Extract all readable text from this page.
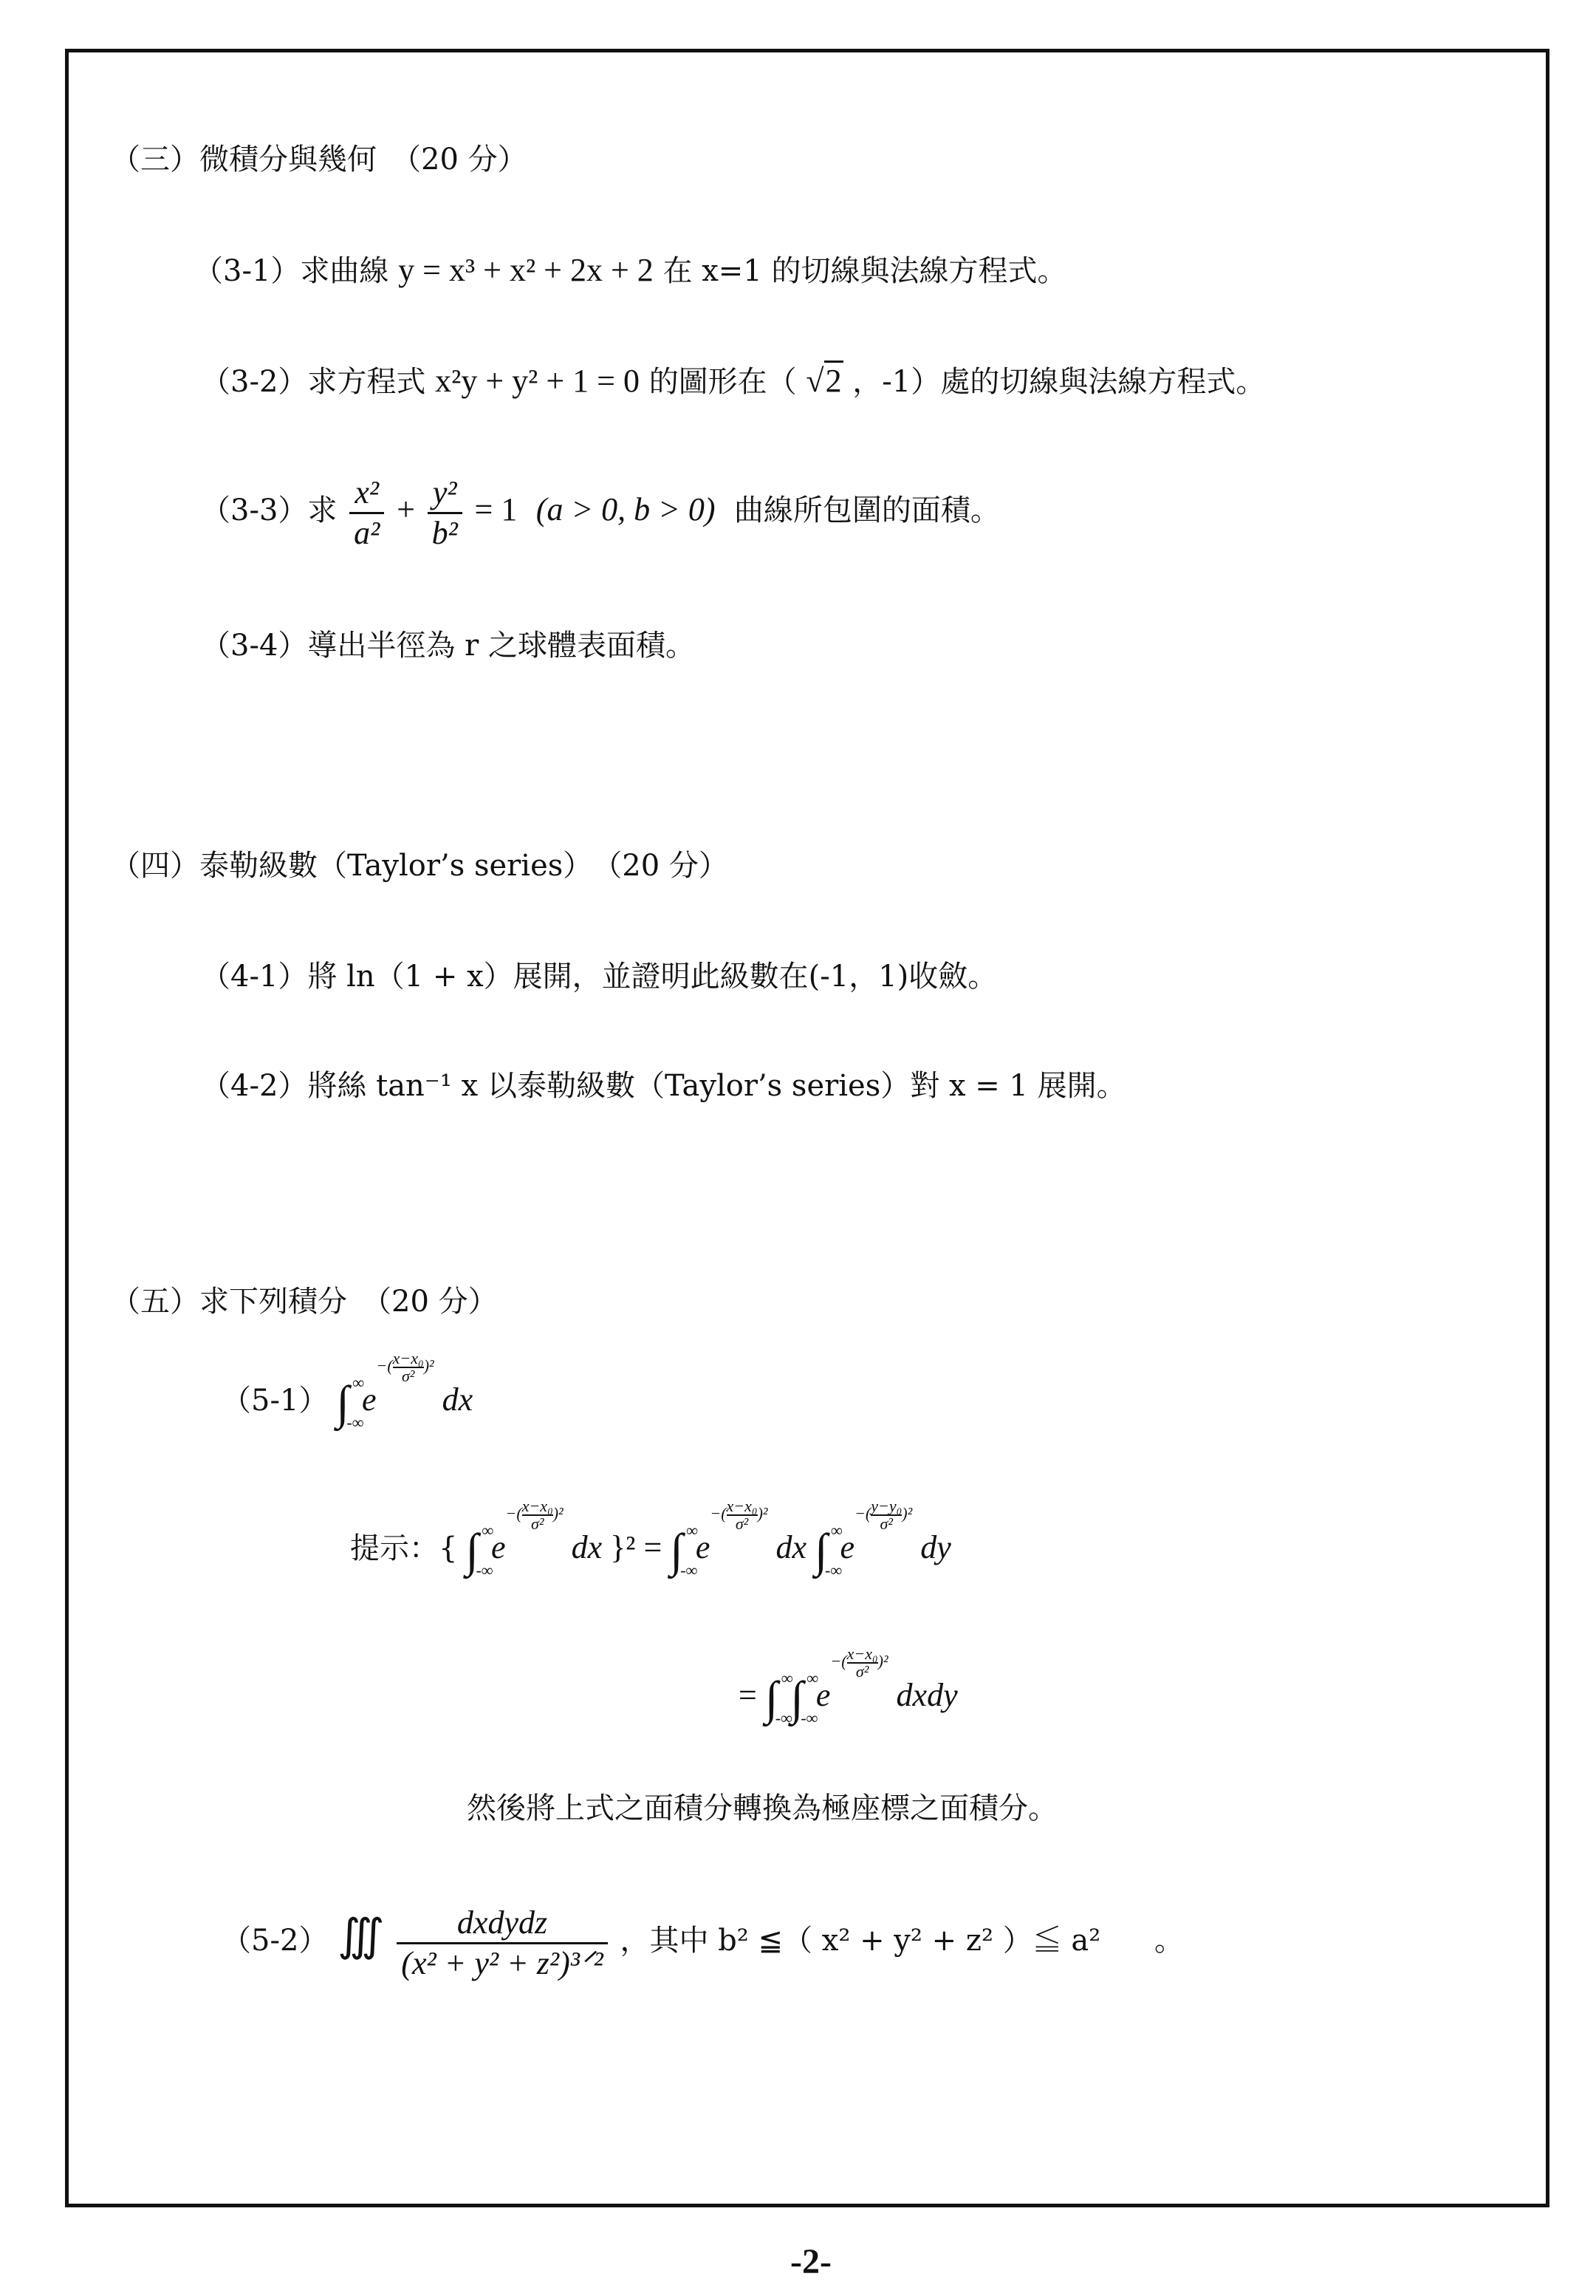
（三）微積分與幾何　（20 分）
（3-1）求曲線 y = x³ + x² + 2x + 2 在 x=1 的切線與法線方程式。
（3-2）求方程式 x²y + y² + 1 = 0 的圖形在（ √2 ，-1）處的切線與法線方程式。
（3-3）求 $\frac{\text{x²}}{\text{a²}} + \frac{\text{y²}}{\text{b²}} = 1$ (a > 0, b > 0) 曲線所包圍的面積。
（3-4）導出半徑為 r 之球體表面積。
（四）泰勒級數（Taylor’s series）　（20 分）
（4-1）將 ln（1 + x）展開，並證明此級數在(-1，1)收斂。
（4-2）將絲 tan⁻¹ x 以泰勒級數（Taylor’s series）對 x = 1 展開。
（五）求下列積分　（20 分）
（5-1） ∫ ∞
-∞
$e-( \frac{\text{x−x₀}}{\text{σ²}} )^2$ dx
提示：{ ∫ ∞
-∞
$e-( \frac{\text{x−x₀}}{\text{σ²}} )^2$ dx }² = ∫ ∞
-∞
$e-( \frac{\text{x−x₀}}{\text{σ²}} )^2$ dx ∫ ∞
-∞
$e-( \frac{\text{y−y₀}}{\text{σ²}} )^2$ dy
= ∫ ∞
-∞
∫ ∞
-∞
$e-( \frac{\text{x−x₀}}{\text{σ²}} )^2$ dxdy
然後將上式之面積分轉換為極座標之面積分。
（5-2） ∭ $\frac{\text{dxdydz}}{\text{(x² + y² + z²)³ᐟ²}}$ ，其中 b² ≦（ x² + y² + z² ）≦ a² 。
-2-
